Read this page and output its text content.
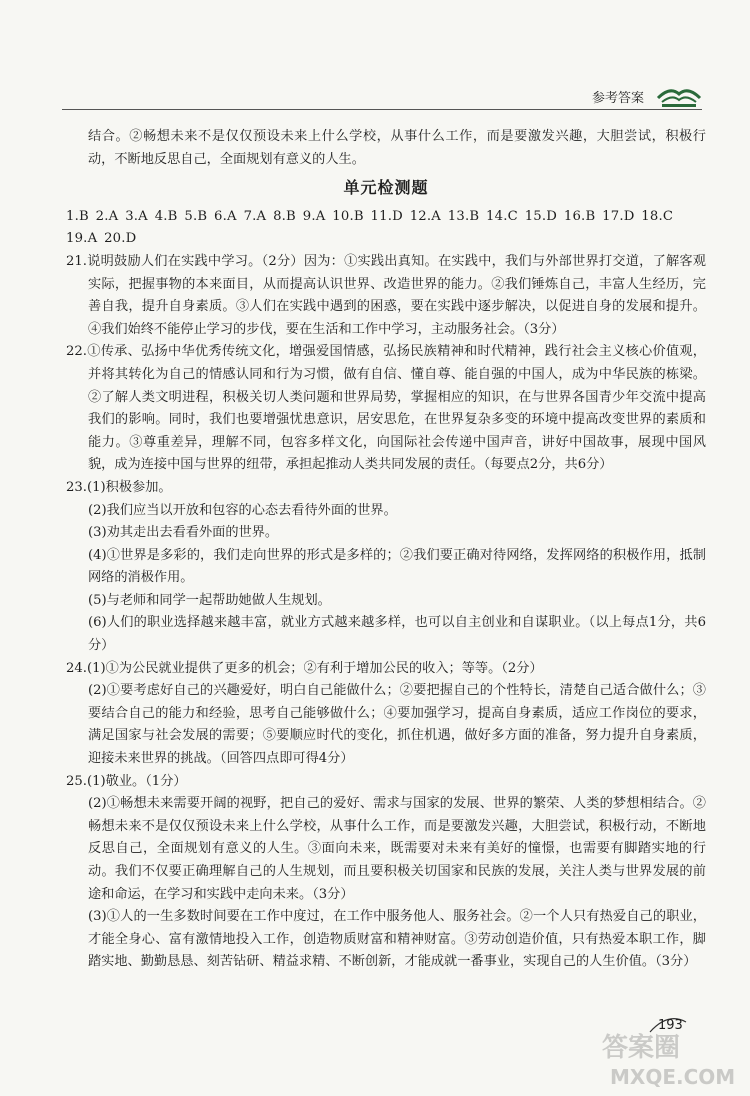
参考答案

结合。②畅想未来不是仅仅预设未来上什么学校，从事什么工作，而是要激发兴趣，大胆尝试，积极行动，不断地反思自己，全面规划有意义的人生。

单元检测题

1.B  2.A  3.A  4.B  5.B  6.A  7.A  8.B  9.A  10.B  11.D  12.A  13.B  14.C  15.D  16.B  17.D  18.C 19.A  20.D

21.说明鼓励人们在实践中学习。（2分）因为：①实践出真知。在实践中，我们与外部世界打交道，了解客观实际，把握事物的本来面目，从而提高认识世界、改造世界的能力。②我们锤炼自己，丰富人生经历，完善自我，提升自身素质。③人们在实践中遇到的困惑，要在实践中逐步解决，以促进自身的发展和提升。④我们始终不能停止学习的步伐，要在生活和工作中学习，主动服务社会。（3分）

22.①传承、弘扬中华优秀传统文化，增强爱国情感，弘扬民族精神和时代精神，践行社会主义核心价值观，并将其转化为自己的情感认同和行为习惯，做有自信、懂自尊、能自强的中国人，成为中华民族的栋梁。②了解人类文明进程，积极关切人类问题和世界局势，掌握相应的知识，在与世界各国青少年交流中提高我们的影响。同时，我们也要增强忧患意识，居安思危，在世界复杂多变的环境中提高改变世界的素质和能力。③尊重差异，理解不同，包容多样文化，向国际社会传递中国声音，讲好中国故事，展现中国风貌，成为连接中国与世界的纽带，承担起推动人类共同发展的责任。（每要点2分，共6分）

23.(1)积极参加。

(2)我们应当以开放和包容的心态去看待外面的世界。

(3)劝其走出去看看外面的世界。

(4)①世界是多彩的，我们走向世界的形式是多样的；②我们要正确对待网络，发挥网络的积极作用，抵制网络的消极作用。

(5)与老师和同学一起帮助她做人生规划。

(6)人们的职业选择越来越丰富，就业方式越来越多样，也可以自主创业和自谋职业。（以上每点1分，共6分）

24.(1)①为公民就业提供了更多的机会；②有利于增加公民的收入；等等。（2分）

(2)①要考虑好自己的兴趣爱好，明白自己能做什么；②要把握自己的个性特长，清楚自己适合做什么；③要结合自己的能力和经验，思考自己能够做什么；④要加强学习，提高自身素质，适应工作岗位的要求，满足国家与社会发展的需要；⑤要顺应时代的变化，抓住机遇，做好多方面的准备，努力提升自身素质，迎接未来世界的挑战。（回答四点即可得4分）

25.(1)敬业。（1分）

(2)①畅想未来需要开阔的视野，把自己的爱好、需求与国家的发展、世界的繁荣、人类的梦想相结合。②畅想未来不是仅仅预设未来上什么学校，从事什么工作，而是要激发兴趣，大胆尝试，积极行动，不断地反思自己，全面规划有意义的人生。③面向未来，既需要对未来有美好的憧憬，也需要有脚踏实地的行动。我们不仅要正确理解自己的人生规划，而且要积极关切国家和民族的发展，关注人类与世界发展的前途和命运，在学习和实践中走向未来。（3分）

(3)①人的一生多数时间要在工作中度过，在工作中服务他人、服务社会。②一个人只有热爱自己的职业，才能全身心、富有激情地投入工作，创造物质财富和精神财富。③劳动创造价值，只有热爱本职工作，脚踏实地、勤勤恳恳、刻苦钻研、精益求精、不断创新，才能成就一番事业，实现自己的人生价值。（3分）

193
答案圈
MXQE.COM
